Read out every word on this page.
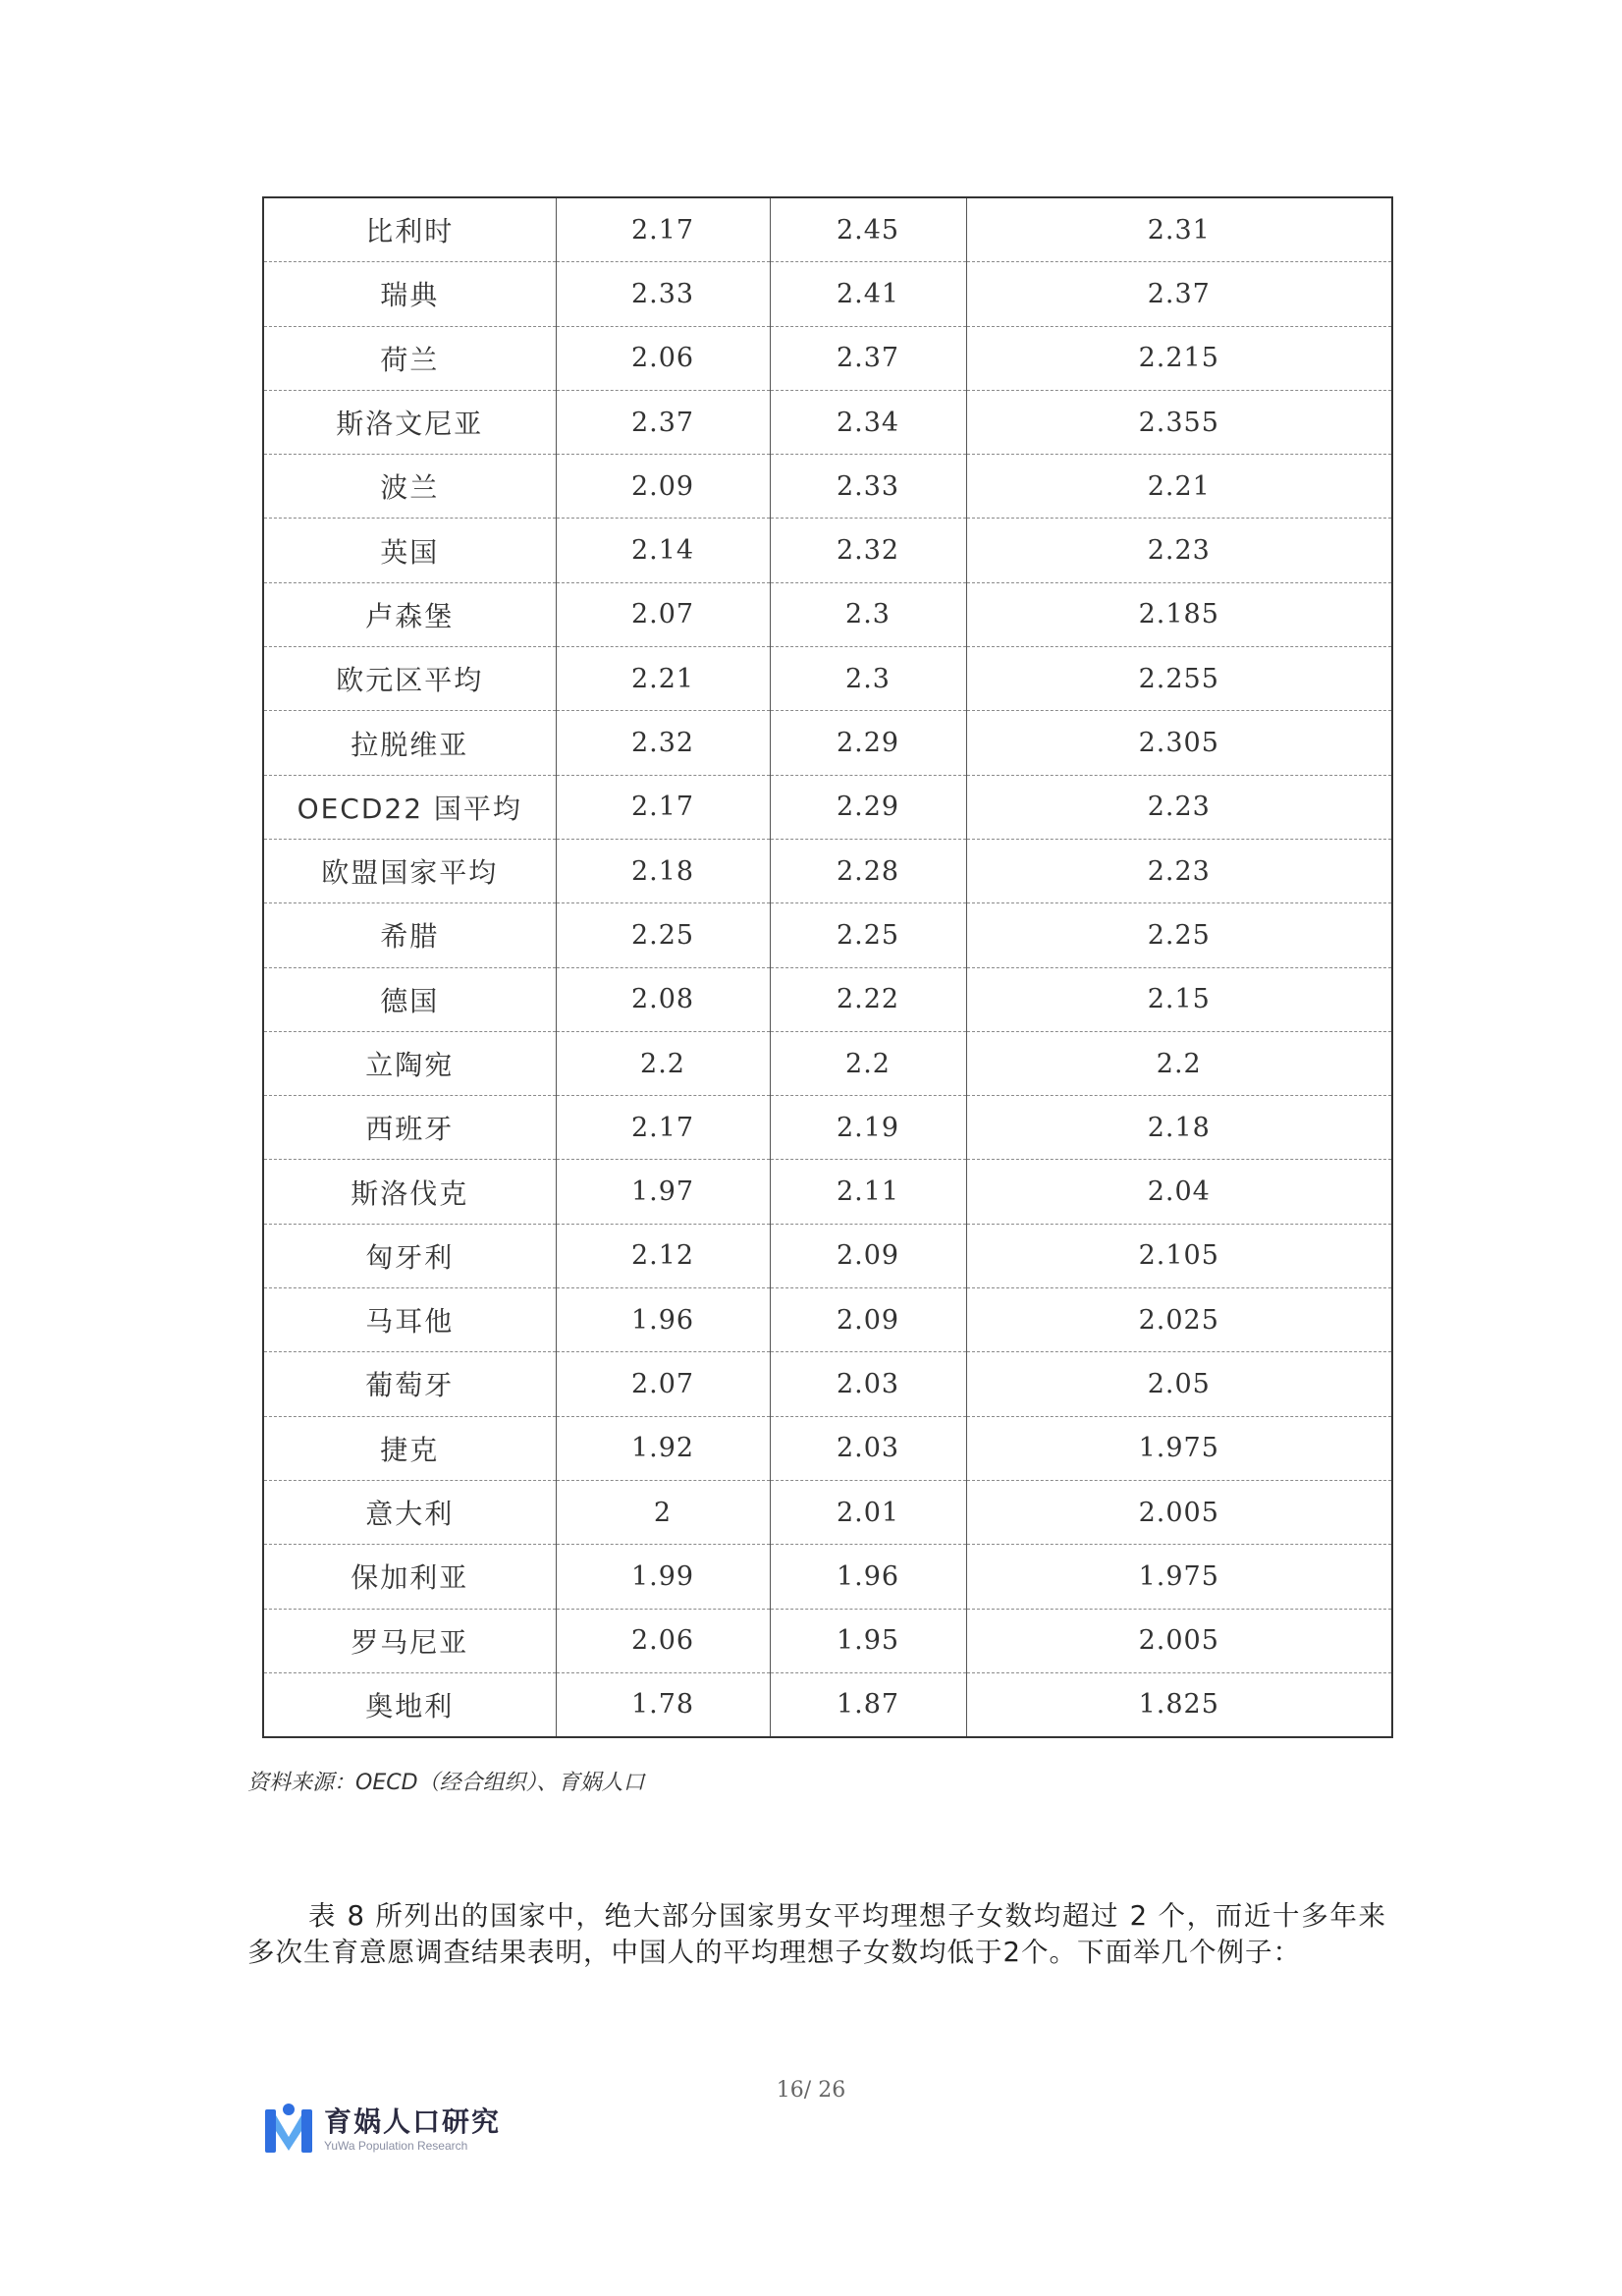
比利时	2.17	2.45	2.31
瑞典	2.33	2.41	2.37
荷兰	2.06	2.37	2.215
斯洛文尼亚	2.37	2.34	2.355
波兰	2.09	2.33	2.21
英国	2.14	2.32	2.23
卢森堡	2.07	2.3	2.185
欧元区平均	2.21	2.3	2.255
拉脱维亚	2.32	2.29	2.305
OECD22 国平均	2.17	2.29	2.23
欧盟国家平均	2.18	2.28	2.23
希腊	2.25	2.25	2.25
德国	2.08	2.22	2.15
立陶宛	2.2	2.2	2.2
西班牙	2.17	2.19	2.18
斯洛伐克	1.97	2.11	2.04
匈牙利	2.12	2.09	2.105
马耳他	1.96	2.09	2.025
葡萄牙	2.07	2.03	2.05
捷克	1.92	2.03	1.975
意大利	2	2.01	2.005
保加利亚	1.99	1.96	1.975
罗马尼亚	2.06	1.95	2.005
奥地利	1.78	1.87	1.825
资料来源：OECD（经合组织）、育娲人口

表 8 所列出的国家中，绝大部分国家男女平均理想子女数均超过 2 个，而近十多年来多次生育意愿调查结果表明，中国人的平均理想子女数均低于2个。下面举几个例子：

16/ 26
育娲人口研究
YuWa Population Research
